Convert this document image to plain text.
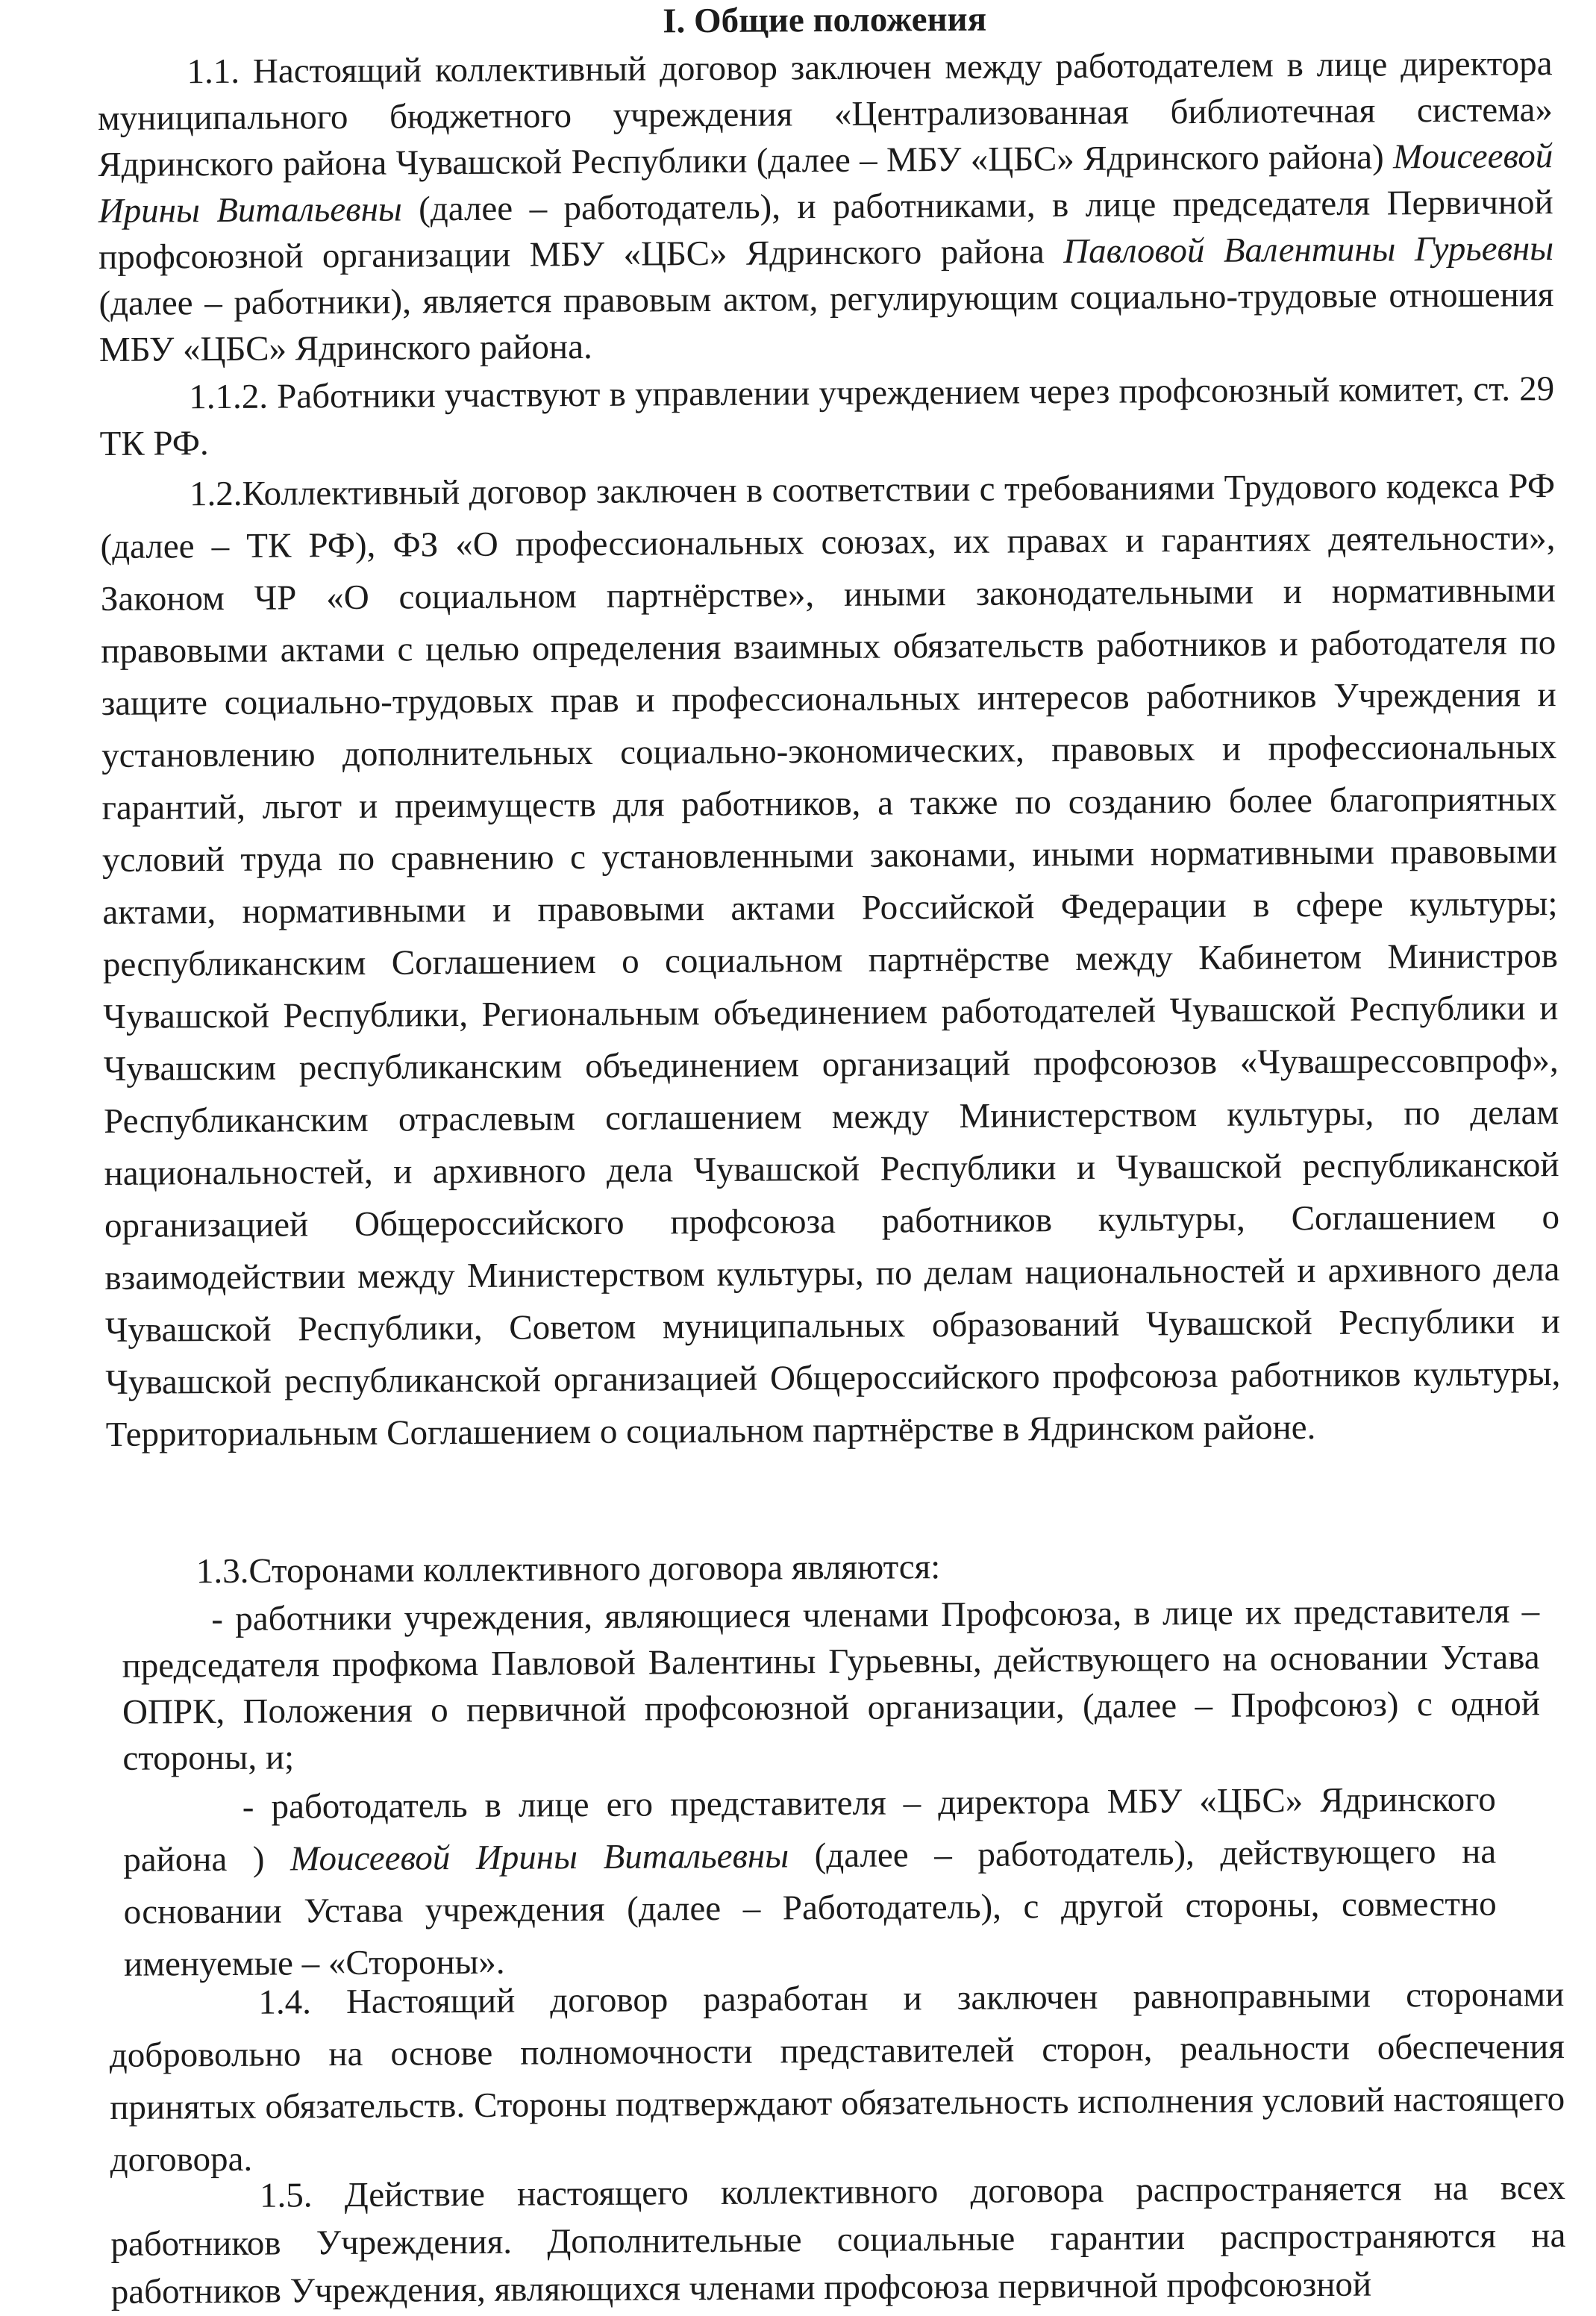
I. Общие положения

1.1. Настоящий коллективный договор заключен между работодателем в лице директора муниципального бюджетного учреждения «Централизованная библиотечная система» Ядринского района Чувашской Республики (далее – МБУ «ЦБС» Ядринского района) Моисеевой Ирины Витальевны (далее – работодатель), и работниками, в лице председателя Первичной профсоюзной организации МБУ «ЦБС» Ядринского района Павловой Валентины Гурьевны (далее – работники), является правовым актом, регулирующим социально-трудовые отношения МБУ «ЦБС» Ядринского района.

1.1.2. Работники участвуют в управлении учреждением через профсоюзный комитет, ст. 29 ТК РФ.

1.2.Коллективный договор заключен в соответствии с требованиями Трудового кодекса РФ (далее – ТК РФ), ФЗ «О профессиональных союзах, их правах и гарантиях деятельности», Законом ЧР «О социальном партнёрстве», иными законодательными и нормативными правовыми актами с целью определения взаимных обязательств работников и работодателя по защите социально-трудовых прав и профессиональных интересов работников Учреждения и установлению дополнительных социально-экономических, правовых и профессиональных гарантий, льгот и преимуществ для работников, а также по созданию более благоприятных условий труда по сравнению с установленными законами, иными нормативными правовыми актами, нормативными и правовыми актами Российской Федерации в сфере культуры; республиканским Соглашением о социальном партнёрстве между Кабинетом Министров Чувашской Республики, Региональным объединением работодателей Чувашской Республики и Чувашским республиканским объединением организаций профсоюзов «Чувашрессовпроф», Республиканским отраслевым соглашением между Министерством культуры, по делам национальностей, и архивного дела Чувашской Республики и Чувашской республиканской организацией Общероссийского профсоюза работников культуры, Соглашением о взаимодействии между Министерством культуры, по делам национальностей и архивного дела Чувашской Республики, Советом муниципальных образований Чувашской Республики и Чувашской республиканской организацией Общероссийского профсоюза работников культуры, Территориальным Соглашением о социальном партнёрстве в Ядринском районе.

1.3.Сторонами коллективного договора являются:

- работники учреждения, являющиеся членами Профсоюза, в лице их представителя – председателя профкома Павловой Валентины Гурьевны, действующего на основании Устава ОПРК, Положения о первичной профсоюзной организации, (далее – Профсоюз) с одной стороны, и;

- работодатель в лице его представителя – директора МБУ «ЦБС» Ядринского района ) Моисеевой Ирины Витальевны (далее – работодатель), действующего на основании Устава учреждения (далее – Работодатель), с другой стороны, совместно именуемые – «Стороны».

1.4. Настоящий договор разработан и заключен равноправными сторонами добровольно на основе полномочности представителей сторон, реальности обеспечения принятых обязательств. Стороны подтверждают обязательность исполнения условий настоящего договора.

1.5. Действие настоящего коллективного договора распространяется на всех работников Учреждения. Дополнительные социальные гарантии распространяются на работников Учреждения, являющихся членами профсоюза первичной профсоюзной
